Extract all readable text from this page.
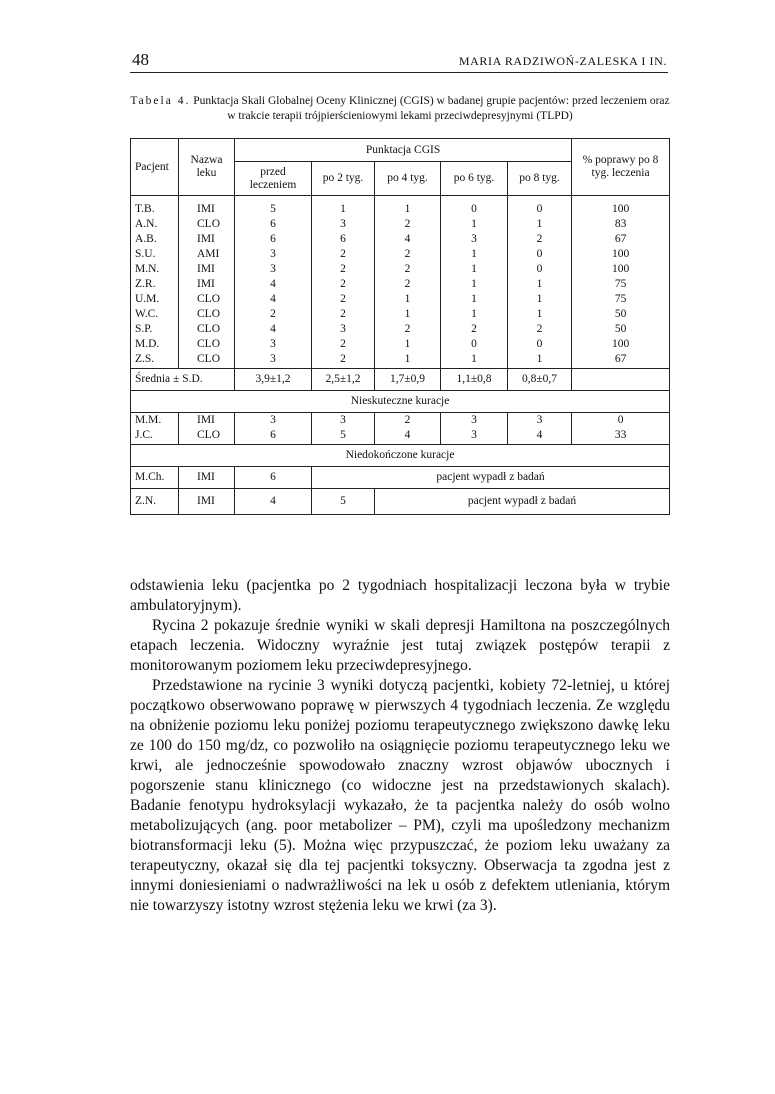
48	MARIA RADZIWOŃ-ZALESKA I IN.
Tabela 4. Punktacja Skali Globalnej Oceny Klinicznej (CGIS) w badanej grupie pacjentów: przed leczeniem oraz w trakcie terapii trójpierścieniowymi lekami przeciwdepresyjnymi (TLPD)
Pacjent	Nazwa leku	Punktacja CGIS					% poprawy po 8 tyg. leczenia
		przed leczeniem	po 2 tyg.	po 4 tyg.	po 6 tyg.	po 8 tyg.	

T.B.	IMI	5	1	1	0	0	100
A.N.	CLO	6	3	2	1	1	83
A.B.	IMI	6	6	4	3	2	67
S.U.	AMI	3	2	2	1	0	100
M.N.	IMI	3	2	2	1	0	100
Z.R.	IMI	4	2	2	1	1	75
U.M.	CLO	4	2	1	1	1	75
W.C.	CLO	2	2	1	1	1	50
S.P.	CLO	4	3	2	2	2	50
M.D.	CLO	3	2	1	0	0	100
Z.S.	CLO	3	2	1	1	1	67
Średnia ± S.D.		3,9±1,2	2,5±1,2	1,7±0,9	1,1±0,8	0,8±0,7	
Nieskuteczne kuracje							
M.M.	IMI	3	3	2	3	3	0
J.C.	CLO	6	5	4	3	4	33
Niedokończone kuracje							
M.Ch.	IMI	6	pacjent wypadł z badań				
Z.N.	IMI	4	5	pacjent wypadł z badań			

odstawienia leku (pacjentka po 2 tygodniach hospitalizacji leczona była w trybie ambulatoryjnym).

Rycina 2 pokazuje średnie wyniki w skali depresji Hamiltona na poszczególnych etapach leczenia. Widoczny wyraźnie jest tutaj związek postępów terapii z monitorowanym poziomem leku przeciwdepresyjnego.

Przedstawione na rycinie 3 wyniki dotyczą pacjentki, kobiety 72-letniej, u której początkowo obserwowano poprawę w pierwszych 4 tygodniach leczenia. Ze względu na obniżenie poziomu leku poniżej poziomu terapeutycznego zwiększono dawkę leku ze 100 do 150 mg/dz, co pozwoliło na osiągnięcie poziomu terapeutycznego leku we krwi, ale jednocześnie spowodowało znaczny wzrost objawów ubocznych i pogorszenie stanu klinicznego (co widoczne jest na przedstawionych skalach). Badanie fenotypu hydroksylacji wykazało, że ta pacjentka należy do osób wolno metabolizujących (ang. poor metabolizer – PM), czyli ma upośledzony mechanizm biotransformacji leku (5). Można więc przypuszczać, że poziom leku uważany za terapeutyczny, okazał się dla tej pacjentki toksyczny. Obserwacja ta zgodna jest z innymi doniesieniami o nadwrażliwości na lek u osób z defektem utleniania, którym nie towarzyszy istotny wzrost stężenia leku we krwi (za 3).
